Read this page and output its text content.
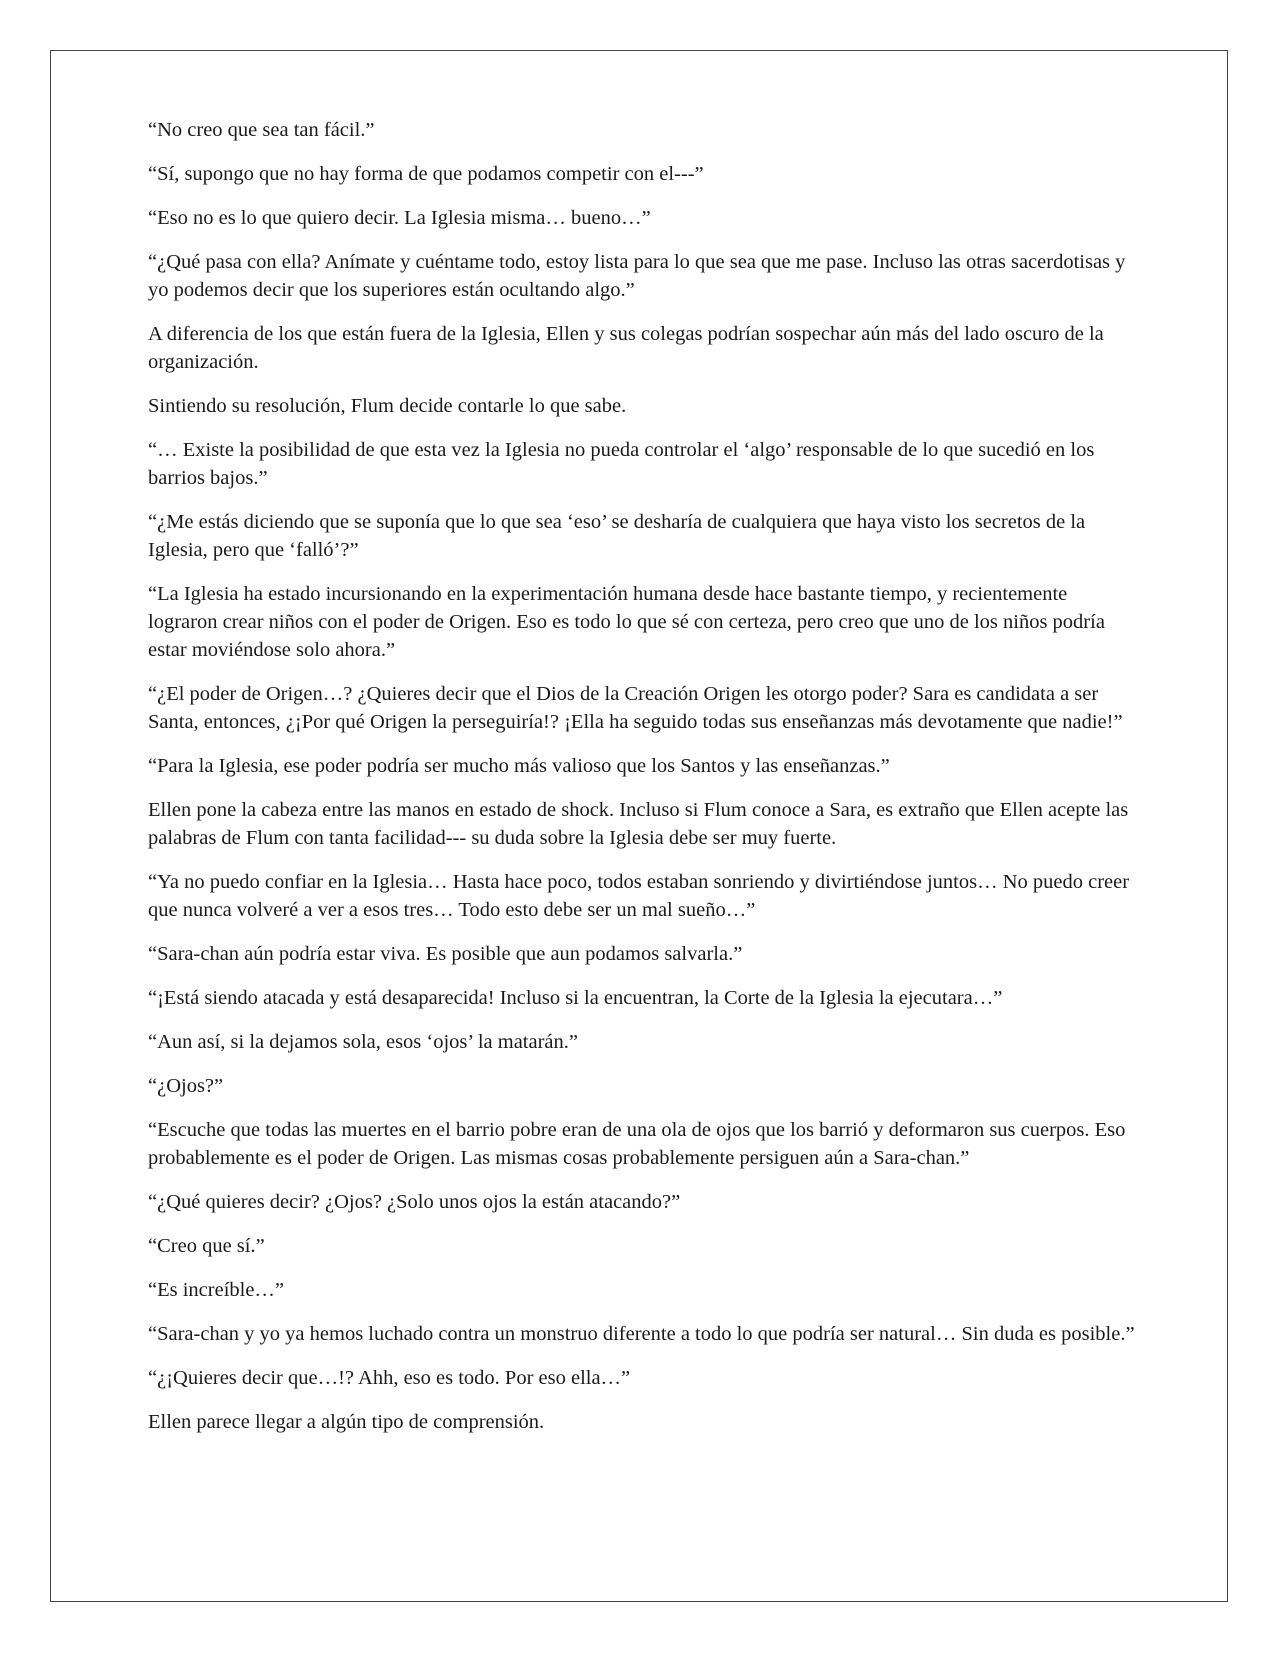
“No creo que sea tan fácil.”

“Sí, supongo que no hay forma de que podamos competir con el---”

“Eso no es lo que quiero decir. La Iglesia misma… bueno…”

“¿Qué pasa con ella? Anímate y cuéntame todo, estoy lista para lo que sea que me pase. Incluso las otras sacerdotisas y yo podemos decir que los superiores están ocultando algo.”

A diferencia de los que están fuera de la Iglesia, Ellen y sus colegas podrían sospechar aún más del lado oscuro de la organización.

Sintiendo su resolución, Flum decide contarle lo que sabe.

“… Existe la posibilidad de que esta vez la Iglesia no pueda controlar el ‘algo’ responsable de lo que sucedió en los barrios bajos.”

“¿Me estás diciendo que se suponía que lo que sea ‘eso’ se desharía de cualquiera que haya visto los secretos de la Iglesia, pero que ‘falló’?”

“La Iglesia ha estado incursionando en la experimentación humana desde hace bastante tiempo, y recientemente lograron crear niños con el poder de Origen. Eso es todo lo que sé con certeza, pero creo que uno de los niños podría estar moviéndose solo ahora.”

“¿El poder de Origen…? ¿Quieres decir que el Dios de la Creación Origen les otorgo poder? Sara es candidata a ser Santa, entonces, ¿¡Por qué Origen la perseguiría!? ¡Ella ha seguido todas sus enseñanzas más devotamente que nadie!”

“Para la Iglesia, ese poder podría ser mucho más valioso que los Santos y las enseñanzas.”

Ellen pone la cabeza entre las manos en estado de shock. Incluso si Flum conoce a Sara, es extraño que Ellen acepte las palabras de Flum con tanta facilidad--- su duda sobre la Iglesia debe ser muy fuerte.

“Ya no puedo confiar en la Iglesia… Hasta hace poco, todos estaban sonriendo y divirtiéndose juntos… No puedo creer que nunca volveré a ver a esos tres… Todo esto debe ser un mal sueño…”

“Sara-chan aún podría estar viva. Es posible que aun podamos salvarla.”

“¡Está siendo atacada y está desaparecida! Incluso si la encuentran, la Corte de la Iglesia la ejecutara…”

“Aun así, si la dejamos sola, esos ‘ojos’ la matarán.”

“¿Ojos?”

“Escuche que todas las muertes en el barrio pobre eran de una ola de ojos que los barrió y deformaron sus cuerpos. Eso probablemente es el poder de Origen. Las mismas cosas probablemente persiguen aún a Sara-chan.”

“¿Qué quieres decir? ¿Ojos? ¿Solo unos ojos la están atacando?”

“Creo que sí.”

“Es increíble…”

“Sara-chan y yo ya hemos luchado contra un monstruo diferente a todo lo que podría ser natural… Sin duda es posible.”

“¿¡Quieres decir que…!? Ahh, eso es todo. Por eso ella…”

Ellen parece llegar a algún tipo de comprensión.
